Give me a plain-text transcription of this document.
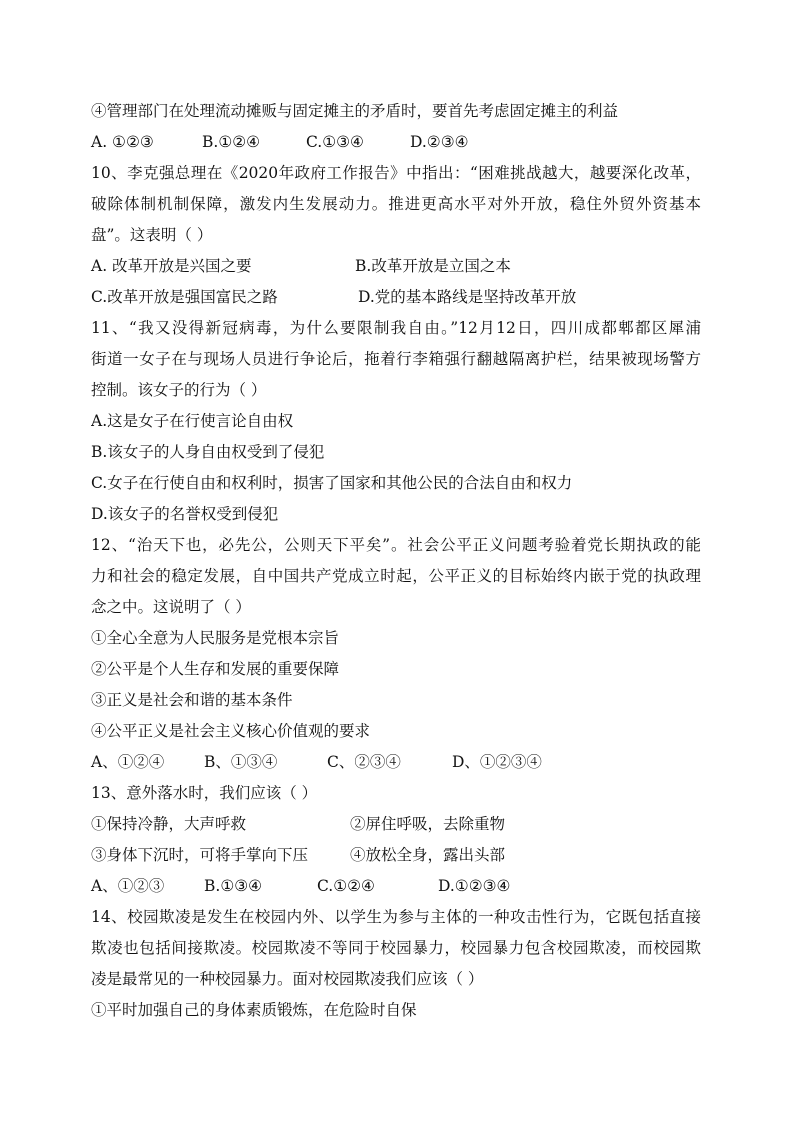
④管理部门在处理流动摊贩与固定摊主的矛盾时，要首先考虑固定摊主的利益
A. ①②③	B.①②④	C.①③④	D.②③④
10、李克强总理在《2020年政府工作报告》中指出：“困难挑战越大，越要深化改革，
破除体制机制保障，激发内生发展动力。推进更高水平对外开放，稳住外贸外资基本
盘”。这表明（ ）
A. 改革开放是兴国之要	B.改革开放是立国之本
C.改革开放是强国富民之路	D.党的基本路线是坚持改革开放
11、“我又没得新冠病毒，为什么要限制我自由。”12月12日，四川成都郫都区犀浦
街道一女子在与现场人员进行争论后，拖着行李箱强行翻越隔离护栏，结果被现场警方
控制。该女子的行为（ ）
A.这是女子在行使言论自由权
B.该女子的人身自由权受到了侵犯
C.女子在行使自由和权利时，损害了国家和其他公民的合法自由和权力
D.该女子的名誉权受到侵犯
12、“治天下也，必先公，公则天下平矣”。社会公平正义问题考验着党长期执政的能
力和社会的稳定发展，自中国共产党成立时起，公平正义的目标始终内嵌于党的执政理
念之中。这说明了（ ）
①全心全意为人民服务是党根本宗旨
②公平是个人生存和发展的重要保障
③正义是社会和谐的基本条件
④公平正义是社会主义核心价值观的要求
A、①②④	B、①③④	C、②③④	D、①②③④
13、意外落水时，我们应该（ ）
①保持冷静，大声呼救	②屏住呼吸，去除重物
③身体下沉时，可将手掌向下压	④放松全身，露出头部
A、①②③	B.①③④	C.①②④	D.①②③④
14、校园欺凌是发生在校园内外、以学生为参与主体的一种攻击性行为，它既包括直接
欺凌也包括间接欺凌。校园欺凌不等同于校园暴力，校园暴力包含校园欺凌，而校园欺
凌是最常见的一种校园暴力。面对校园欺凌我们应该（ ）
①平时加强自己的身体素质锻炼，在危险时自保
